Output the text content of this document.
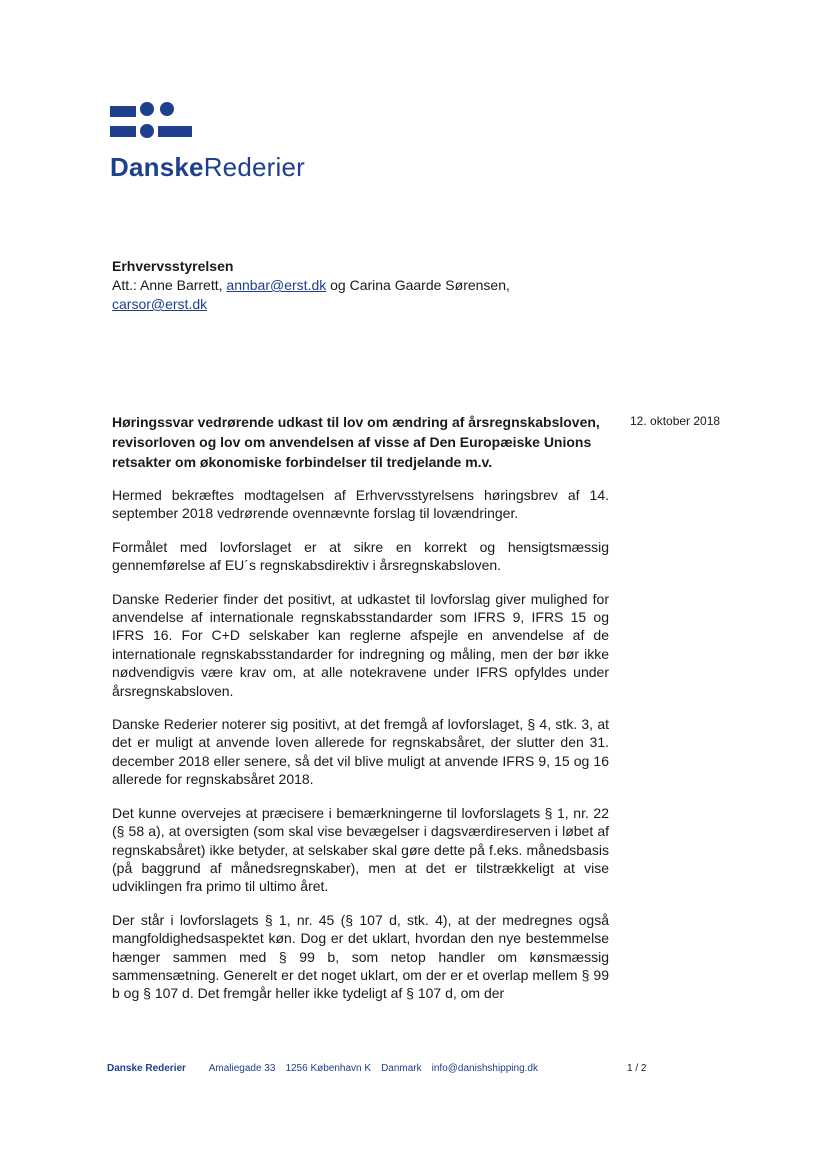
DanskeRederier
Erhvervsstyrelsen
Att.: Anne Barrett, annbar@erst.dk og Carina Gaarde Sørensen,
carsor@erst.dk
Høringssvar vedrørende udkast til lov om ændring af årsregnskabsloven, revisorloven og lov om anvendelsen af visse af Den Europæiske Unions retsakter om økonomiske forbindelser til tredjelande m.v.
12. oktober 2018

Hermed bekræftes modtagelsen af Erhvervsstyrelsens høringsbrev af 14. september 2018 vedrørende ovennævnte forslag til lovændringer.

Formålet med lovforslaget er at sikre en korrekt og hensigtsmæssig gennemførelse af EU´s regnskabsdirektiv i årsregnskabsloven.

Danske Rederier finder det positivt, at udkastet til lovforslag giver mulighed for anvendelse af internationale regnskabsstandarder som IFRS 9, IFRS 15 og IFRS 16. For C+D selskaber kan reglerne afspejle en anvendelse af de internationale regnskabsstandarder for indregning og måling, men der bør ikke nødvendigvis være krav om, at alle notekravene under IFRS opfyldes under årsregnskabsloven.

Danske Rederier noterer sig positivt, at det fremgå af lovforslaget, § 4, stk. 3, at det er muligt at anvende loven allerede for regnskabsåret, der slutter den 31. december 2018 eller senere, så det vil blive muligt at anvende IFRS 9, 15 og 16 allerede for regnskabsåret 2018.

Det kunne overvejes at præcisere i bemærkningerne til lovforslagets § 1, nr. 22 (§ 58 a), at oversigten (som skal vise bevægelser i dagsværdireserven i løbet af regnskabsåret) ikke betyder, at selskaber skal gøre dette på f.eks. månedsbasis (på baggrund af månedsregnskaber), men at det er tilstrækkeligt at vise udviklingen fra primo til ultimo året.

Der står i lovforslagets § 1, nr. 45 (§ 107 d, stk. 4), at der medregnes også mangfoldighedsaspektet køn. Dog er det uklart, hvordan den nye bestemmelse hænger sammen med § 99 b, som netop handler om kønsmæssig sammensætning. Generelt er det noget uklart, om der er et overlap mellem § 99 b og § 107 d. Det fremgår heller ikke tydeligt af § 107 d, om der

Danske Rederier Amaliegade 33 1256 København K Danmark info@danishshipping.dk	1 / 2
